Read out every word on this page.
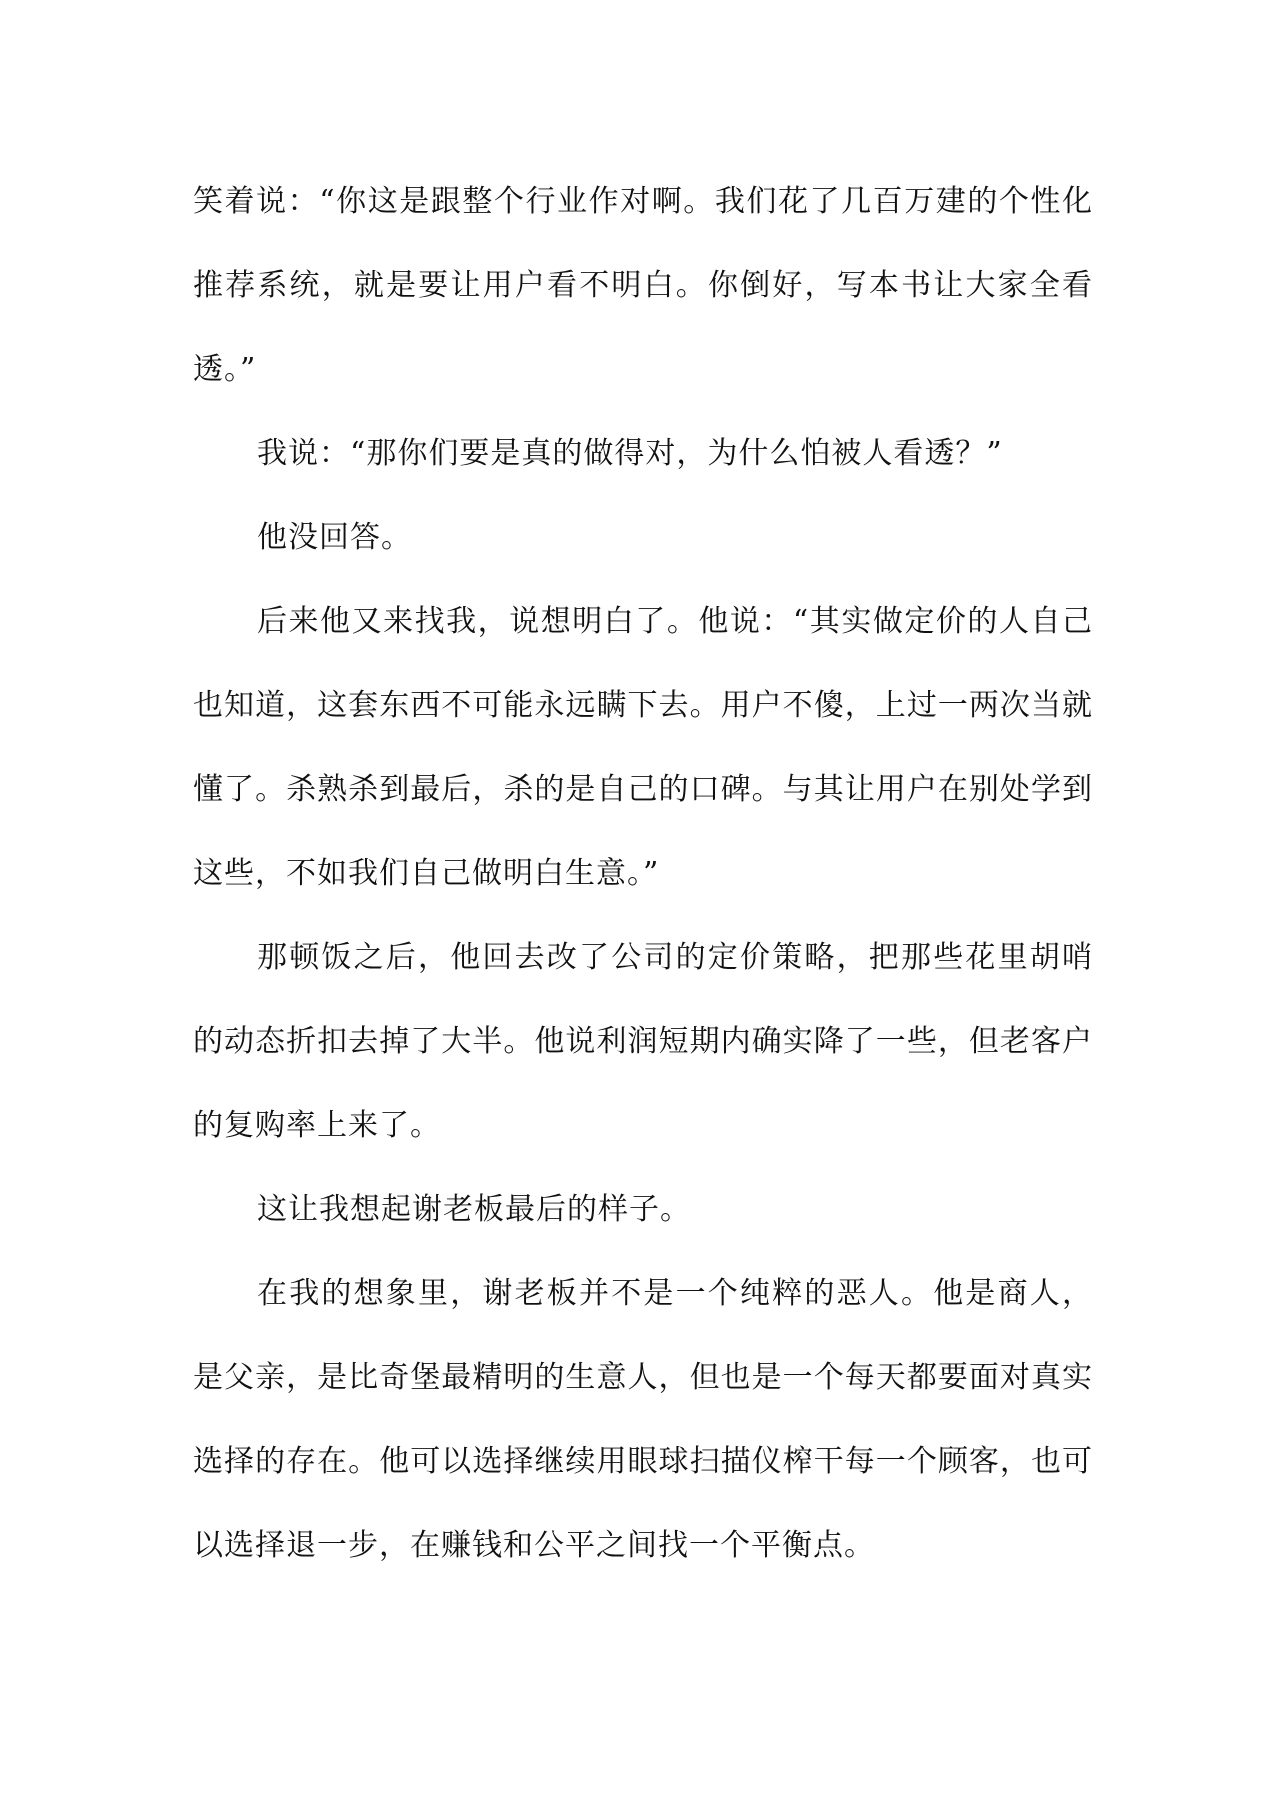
笑着说：“你这是跟整个行业作对啊。我们花了几百万建的个性化推荐系统，就是要让用户看不明白。你倒好，写本书让大家全看透。”

我说：“那你们要是真的做得对，为什么怕被人看透？”

他没回答。

后来他又来找我，说想明白了。他说：“其实做定价的人自己也知道，这套东西不可能永远瞒下去。用户不傻，上过一两次当就懂了。杀熟杀到最后，杀的是自己的口碑。与其让用户在别处学到这些，不如我们自己做明白生意。”

那顿饭之后，他回去改了公司的定价策略，把那些花里胡哨的动态折扣去掉了大半。他说利润短期内确实降了一些，但老客户的复购率上来了。

这让我想起谢老板最后的样子。

在我的想象里，谢老板并不是一个纯粹的恶人。他是商人，是父亲，是比奇堡最精明的生意人，但也是一个每天都要面对真实选择的存在。他可以选择继续用眼球扫描仪榨干每一个顾客，也可以选择退一步，在赚钱和公平之间找一个平衡点。
